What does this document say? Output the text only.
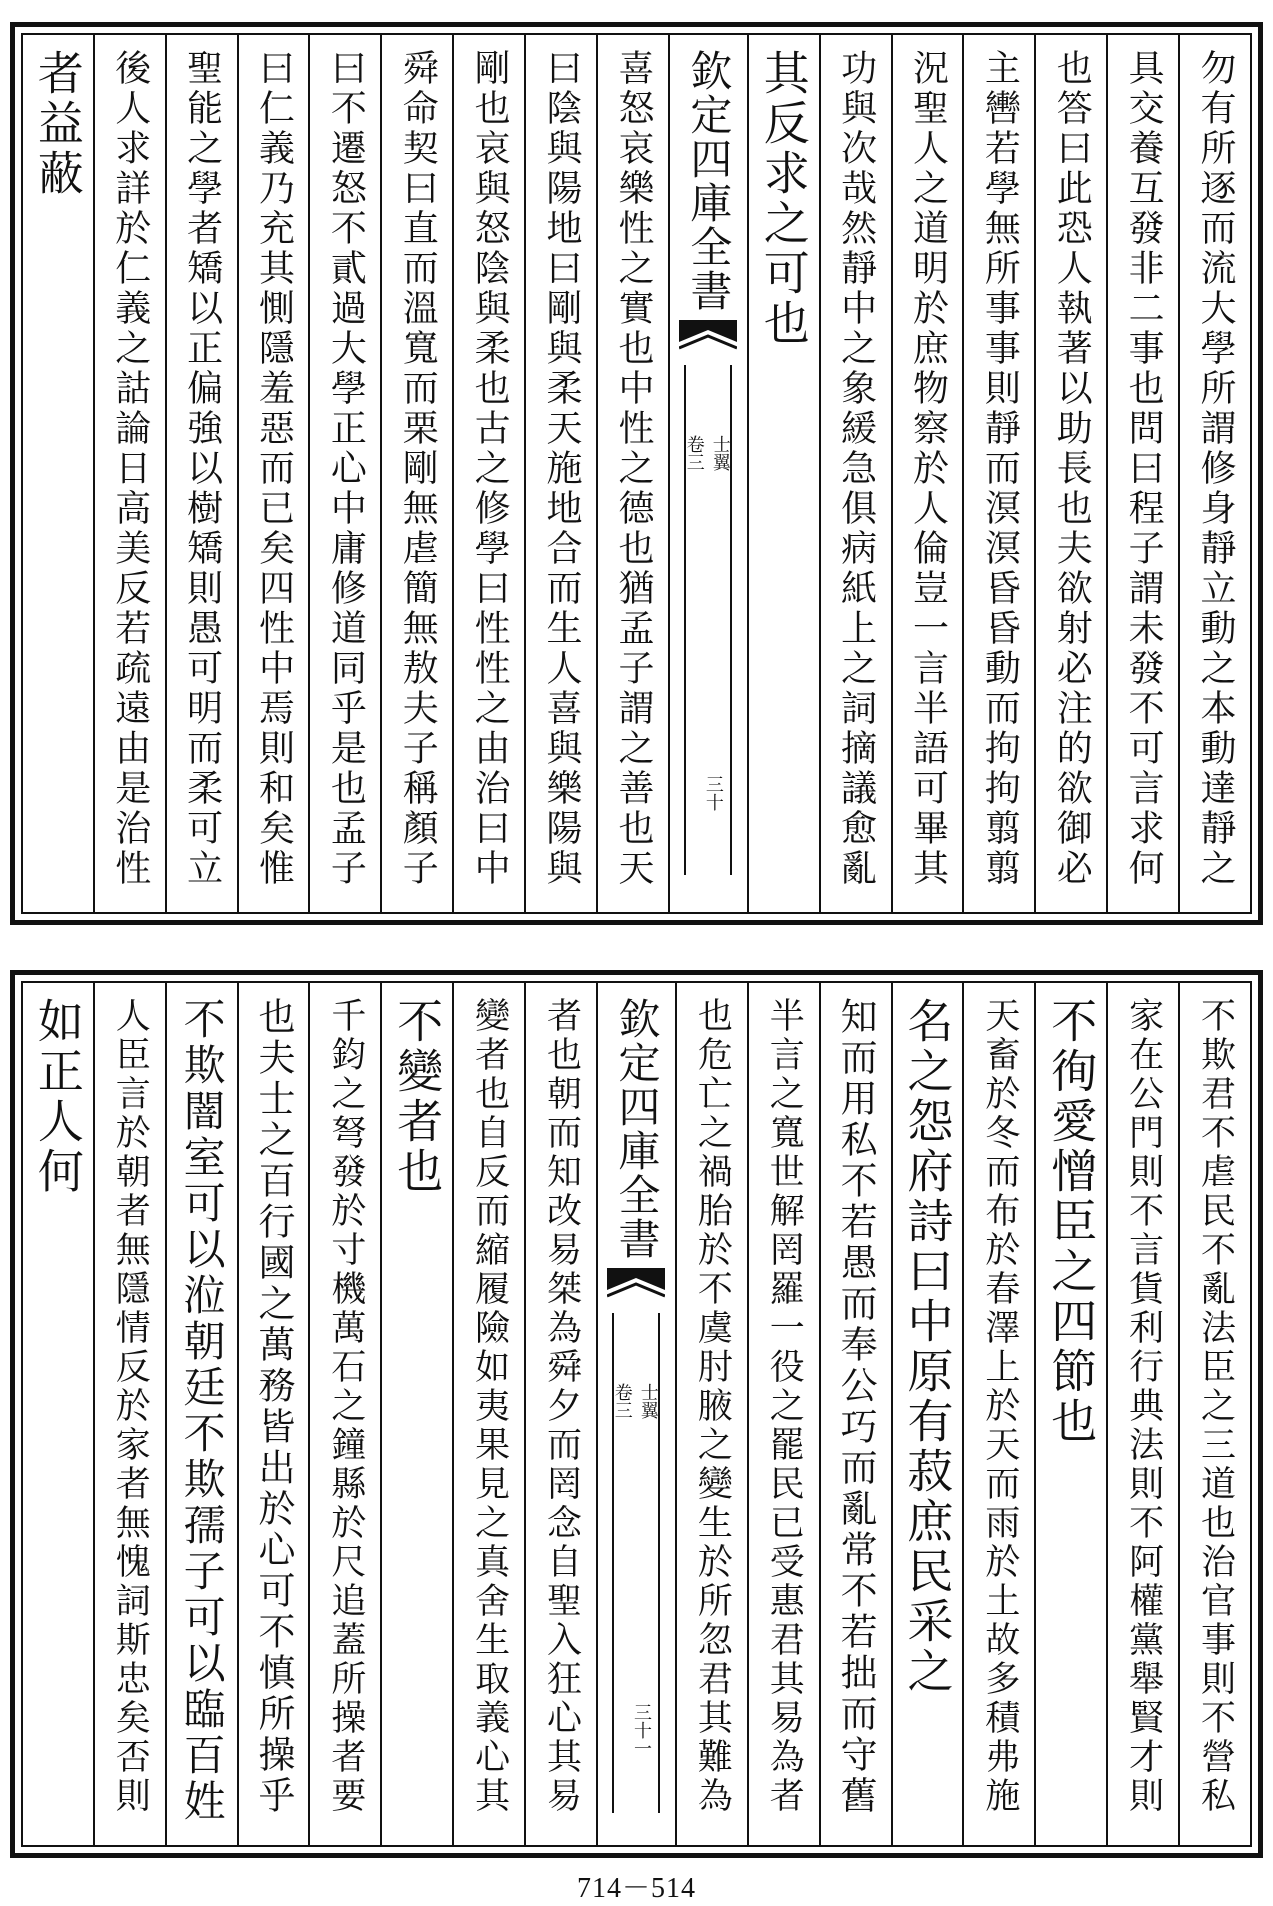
勿有所逐而流大學所謂修身靜立動之本動達靜之
具交養互發非二事也問曰程子謂未發不可言求何
也答曰此恐人執著以助長也夫欲射必注的欲御必
主轡若學無所事事則靜而溟溟昏昏動而拘拘翦翦
況聖人之道明於庶物察於人倫豈一言半語可畢其
功與次哉然靜中之象緩急俱病紙上之詞摘議愈亂
其反求之可也
欽定四庫全書
士翼
卷三
三十
喜怒哀樂性之實也中性之德也猶孟子謂之善也天
曰陰與陽地曰剛與柔天施地合而生人喜與樂陽與
剛也哀與怒陰與柔也古之修學曰性性之由治曰中
舜命契曰直而溫寬而栗剛無虐簡無敖夫子稱顏子
曰不遷怒不貳過大學正心中庸修道同乎是也孟子
曰仁義乃充其惻隱羞惡而已矣四性中焉則和矣惟
聖能之學者矯以正偏強以樹矯則愚可明而柔可立
後人求詳於仁義之詁論日高美反若疏遠由是治性
者益蔽
不欺君不虐民不亂法臣之三道也治官事則不營私
家在公門則不言貨利行典法則不阿權黨舉賢才則
不徇愛憎臣之四節也
天畜於冬而布於春澤上於天而雨於土故多積弗施
名之怨府詩曰中原有菽庶民采之
知而用私不若愚而奉公巧而亂常不若拙而守舊
半言之寬世解罔羅一役之罷民已受惠君其易為者
也危亡之禍胎於不虞肘腋之變生於所忽君其難為
欽定四庫全書
士翼
卷三
三十一
者也朝而知改易桀為舜夕而罔念自聖入狂心其易
變者也自反而縮履險如夷果見之真舍生取義心其
不變者也
千鈞之弩發於寸機萬石之鐘縣於尺追蓋所操者要
也夫士之百行國之萬務皆出於心可不慎所操乎
不欺闇室可以涖朝廷不欺孺子可以臨百姓
人臣言於朝者無隱情反於家者無愧詞斯忠矣否則
如正人何
714－514
